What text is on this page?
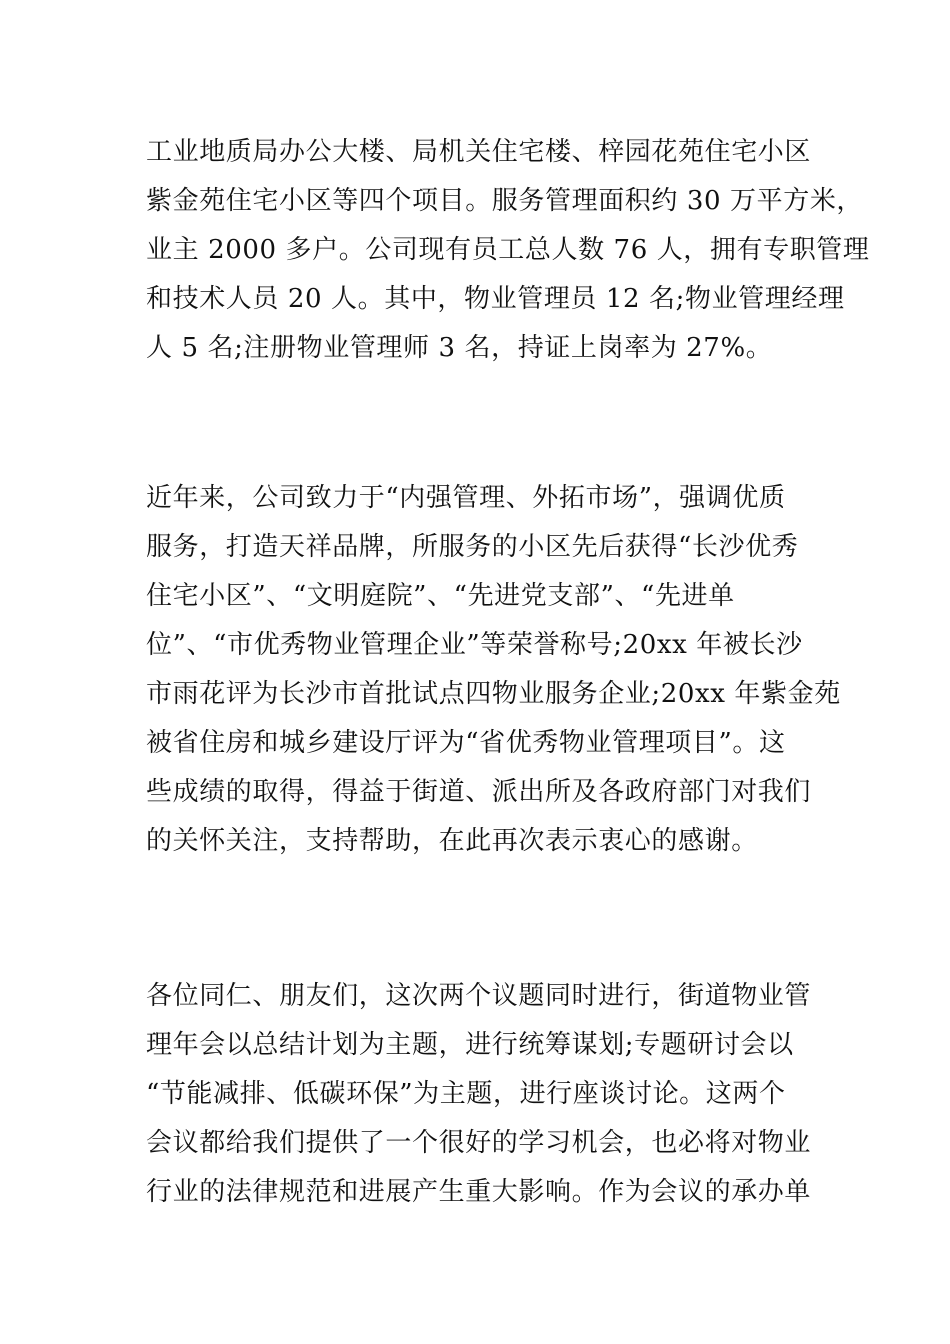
工业地质局办公大楼、局机关住宅楼、梓园花苑住宅小区
紫金苑住宅小区等四个项目。服务管理面积约 30 万平方米，
业主 2000 多户。公司现有员工总人数 76 人，拥有专职管理
和技术人员 20 人。其中，物业管理员 12 名;物业管理经理
人 5 名;注册物业管理师 3 名，持证上岗率为 27%。

近年来，公司致力于“内强管理、外拓市场”，强调优质
服务，打造天祥品牌，所服务的小区先后获得“长沙优秀
住宅小区”、“文明庭院”、“先进党支部”、“先进单
位”、“市优秀物业管理企业”等荣誉称号;20xx 年被长沙
市雨花评为长沙市首批试点四物业服务企业;20xx 年紫金苑
被省住房和城乡建设厅评为“省优秀物业管理项目”。这
些成绩的取得，得益于街道、派出所及各政府部门对我们
的关怀关注，支持帮助，在此再次表示衷心的感谢。

各位同仁、朋友们，这次两个议题同时进行，街道物业管
理年会以总结计划为主题，进行统筹谋划;专题研讨会以
“节能减排、低碳环保”为主题，进行座谈讨论。这两个
会议都给我们提供了一个很好的学习机会，也必将对物业
行业的法律规范和进展产生重大影响。作为会议的承办单
